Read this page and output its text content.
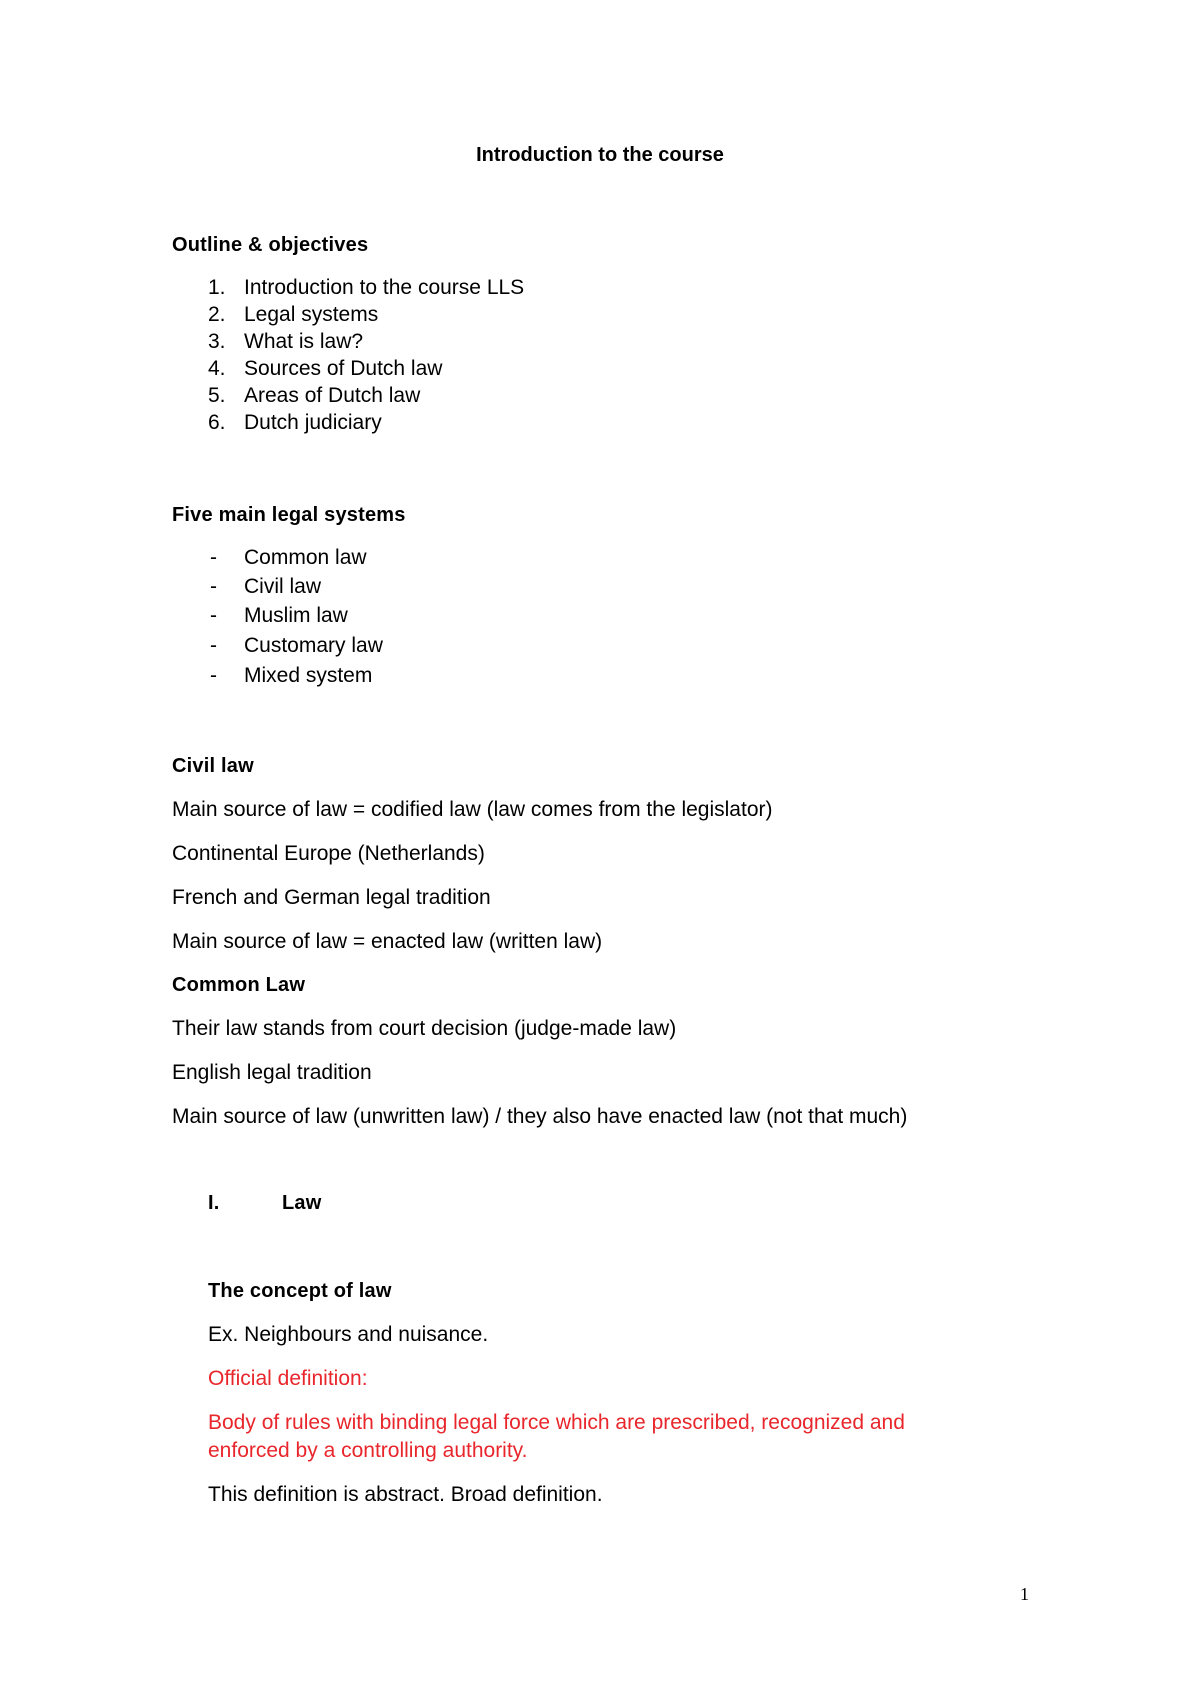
Introduction to the course
Outline & objectives
1. Introduction to the course LLS
2. Legal systems
3. What is law?
4. Sources of Dutch law
5. Areas of Dutch law
6. Dutch judiciary
Five main legal systems
- Common law
- Civil law
- Muslim law
- Customary law
- Mixed system
Civil law
Main source of law = codified law (law comes from the legislator)
Continental Europe (Netherlands)
French and German legal tradition
Main source of law = enacted law (written law)
Common Law
Their law stands from court decision (judge-made law)
English legal tradition
Main source of law (unwritten law) / they also have enacted law (not that much)
I.	Law
The concept of law
Ex. Neighbours and nuisance.
Official definition:
Body of rules with binding legal force which are prescribed, recognized and
enforced by a controlling authority.
This definition is abstract. Broad definition.
1
